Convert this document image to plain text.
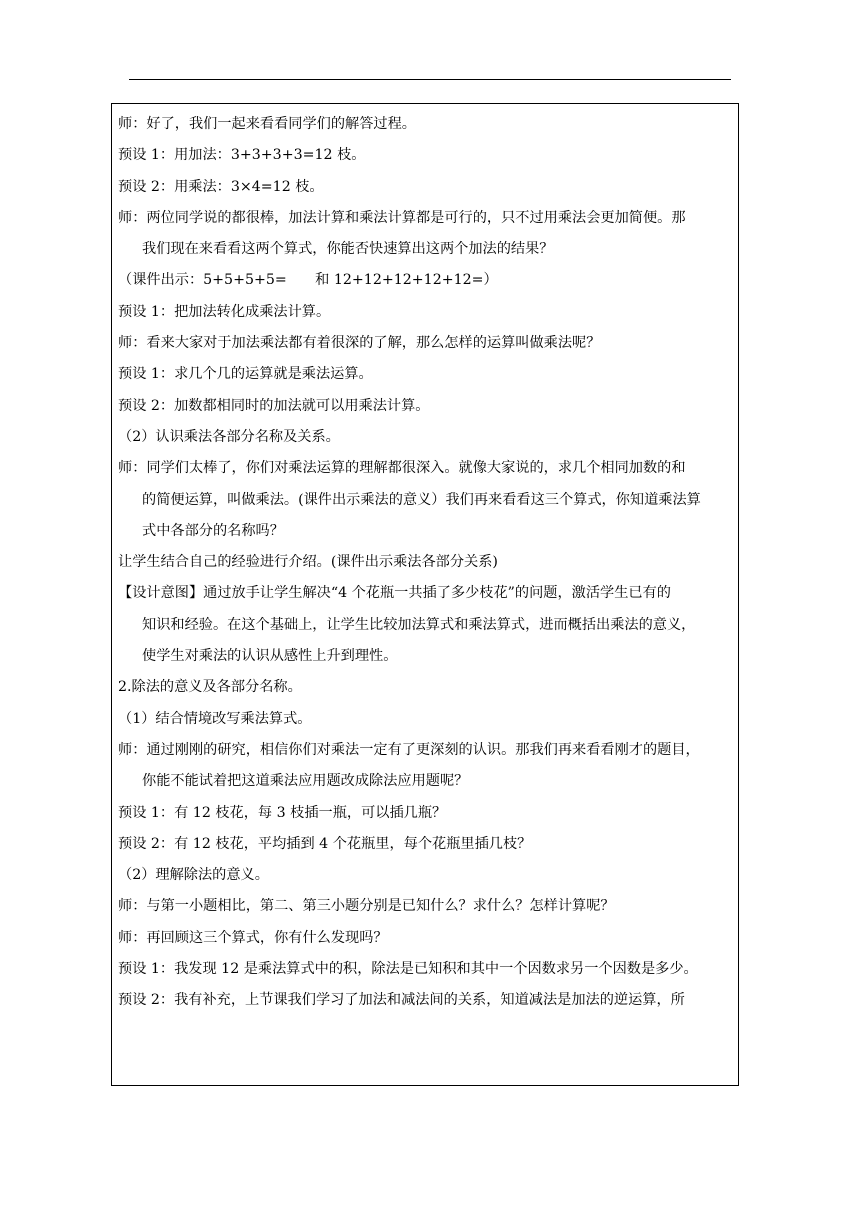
师：好了，我们一起来看看同学们的解答过程。
预设 1：用加法：3+3+3+3=12 枝。
预设 2：用乘法：3×4=12 枝。
师：两位同学说的都很棒，加法计算和乘法计算都是可行的，只不过用乘法会更加简便。那
我们现在来看看这两个算式，你能否快速算出这两个加法的结果？
（课件出示：5+5+5+5=　　和 12+12+12+12+12=）
预设 1：把加法转化成乘法计算。
师：看来大家对于加法乘法都有着很深的了解，那么怎样的运算叫做乘法呢？
预设 1：求几个几的运算就是乘法运算。
预设 2：加数都相同时的加法就可以用乘法计算。
（2）认识乘法各部分名称及关系。
师：同学们太棒了，你们对乘法运算的理解都很深入。就像大家说的，求几个相同加数的和
的简便运算，叫做乘法。(课件出示乘法的意义）我们再来看看这三个算式，你知道乘法算
式中各部分的名称吗？
让学生结合自己的经验进行介绍。(课件出示乘法各部分关系)
【设计意图】通过放手让学生解决“4 个花瓶一共插了多少枝花”的问题，激活学生已有的
知识和经验。在这个基础上，让学生比较加法算式和乘法算式，进而概括出乘法的意义，
使学生对乘法的认识从感性上升到理性。
2.除法的意义及各部分名称。
（1）结合情境改写乘法算式。
师：通过刚刚的研究，相信你们对乘法一定有了更深刻的认识。那我们再来看看刚才的题目，
你能不能试着把这道乘法应用题改成除法应用题呢？
预设 1：有 12 枝花，每 3 枝插一瓶，可以插几瓶？
预设 2：有 12 枝花，平均插到 4 个花瓶里，每个花瓶里插几枝？
（2）理解除法的意义。
师：与第一小题相比，第二、第三小题分别是已知什么？求什么？怎样计算呢？
师：再回顾这三个算式，你有什么发现吗？
预设 1：我发现 12 是乘法算式中的积，除法是已知积和其中一个因数求另一个因数是多少。
预设 2：我有补充，上节课我们学习了加法和减法间的关系，知道减法是加法的逆运算，所
